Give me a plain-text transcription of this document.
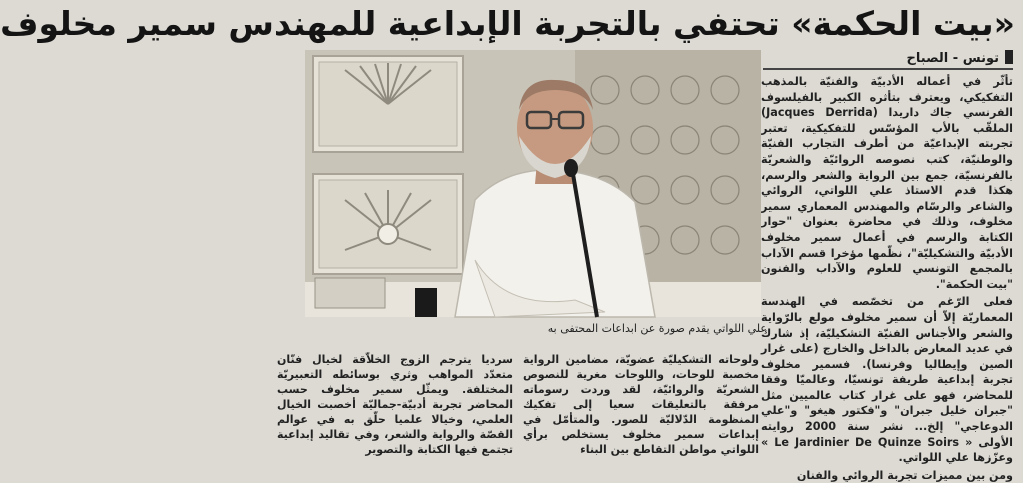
«بيت الحكمة» تحتفي بالتجربة الإبداعية للمهندس سمير مخلوف
تونس - الصباح

تأثّر في أعماله الأدبيّة والفنيّة بالمذهب التفكيكي، ويعترف بتأثره الكبير بالفيلسوف الفرنسي جاك داريدا (Jacques Derrida) الملقّب بالأب المؤسّس للتفكيكية، تعتبر تجربته الإبداعيّة من أطرف التجارب الفنيّة والوطنيّة، كتب نصوصه الروائيّة والشعريّة بالفرنسيّة، جمع بين الرواية والشعر والرسم، هكذا قدم الاستاذ علي اللواتي، الروائي والشاعر والرسّام والمهندس المعماري سمير مخلوف، وذلك في محاضرة بعنوان "حوار الكتابة والرسم في أعمال سمير مخلوف الأدبيّة والتشكيليّة"، نظّمها مؤخرا قسم الآداب بالمجمع التونسي للعلوم والآداب والفنون "بيت الحكمة".

فعلى الرّغم من تخصّصه في الهندسة المعماريّة إلاّ أن سمير مخلوف مولع بالرّواية والشعر والأجناس الفنيّة التشكيليّة، إذ شارك في عديد المعارض بالداخل والخارج (على غرار الصين وإيطاليا وفرنسا). فسمير مخلوف تجربة إبداعية طريفة تونسيّا، وعالميّا وفقا للمحاضر، فهو على غرار كتاب عالميين مثل "جبران خليل جبران" و"فكتور هيغو" و"علي الدوعاجي" إلخ... نشر سنة 2000 روايته الأولى « Le Jardinier De Quinze Soirs » وعزّزها علي اللواتي.

ومن بين مميزات تجربة الروائي والفنان

علي اللواتي يقدم صورة عن ابداعات المحتفى به

ولوحاته التشكيليّة عضويّة، مضامين الرواية مخصبة للوحات، واللوحات مغرية للنصوص الشعريّة والروائيّة، لقد وردت رسوماته مرفقة بالتعليقات سعيا إلى تفكيك المنظومة الدّلاليّة للصور. والمتأمّل في إبداعات سمير مخلوف يستخلص برأي اللواتي مواطن التقاطع بين البناء

سرديا يترجم الزوج الخلاّقة لخيال فنّان متعدّد المواهب وثري بوسائطه التعبيريّة المختلفة. ويمثّل سمير مخلوف حسب المحاضر تجربة أدبيّة-جماليّة أخصبت الخيال العلمي، وخيالا علميا حلّق به في عوالم القصّة والرواية والشعر، وفي تقاليد إبداعية تجتمع فيها الكتابة والتصوير
